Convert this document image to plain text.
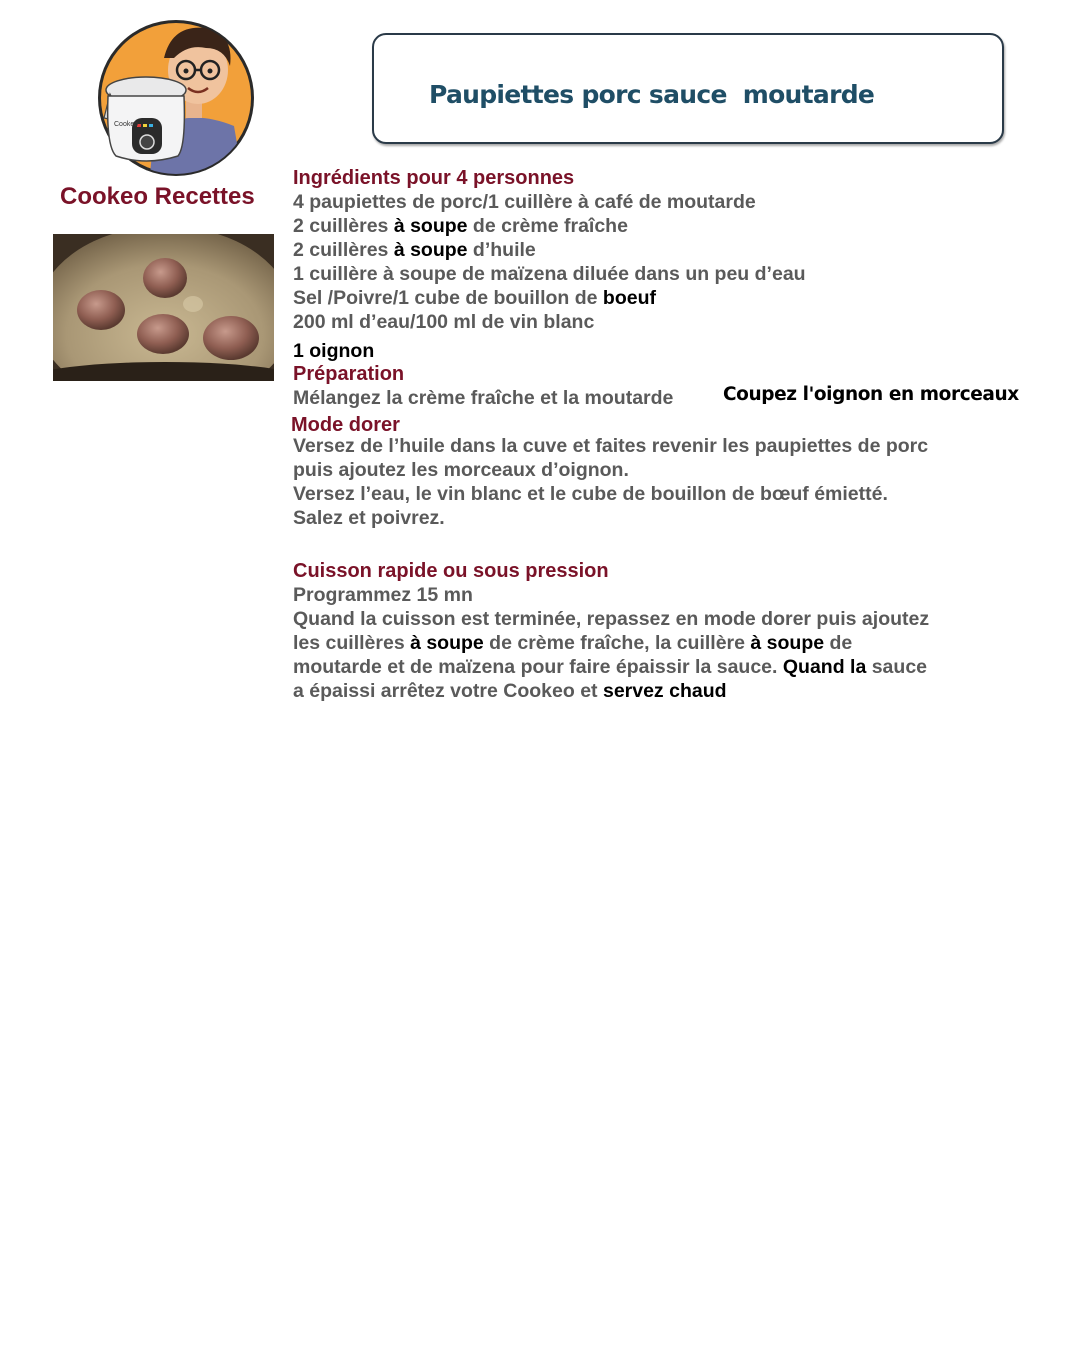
Cookeo
Cookeo Recettes
Paupiettes porc sauce  moutarde
Ingrédients pour 4 personnes
4 paupiettes de porc/1 cuillère à café de moutarde
2 cuillères à soupe de crème fraîche
2 cuillères à soupe d’huile
1 cuillère à soupe de maïzena diluée dans un peu d’eau
Sel /Poivre/1 cube de bouillon de boeuf
200 ml d’eau/100 ml de vin blanc
1 oignon
Préparation
Mélangez la crème fraîche et la moutarde	Coupez l'oignon en morceaux
Mode dorer
Versez de l’huile dans la cuve et faites revenir les paupiettes de porc
puis ajoutez les morceaux d’oignon.
Versez l’eau, le vin blanc et le cube de bouillon de bœuf émietté.
Salez et poivrez.
Cuisson rapide ou sous pression
Programmez 15 mn
Quand la cuisson est terminée, repassez en mode dorer puis ajoutez
les cuillères à soupe de crème fraîche, la cuillère à soupe de
moutarde et de maïzena pour faire épaissir la sauce. Quand la sauce
a épaissi arrêtez votre Cookeo et servez chaud
